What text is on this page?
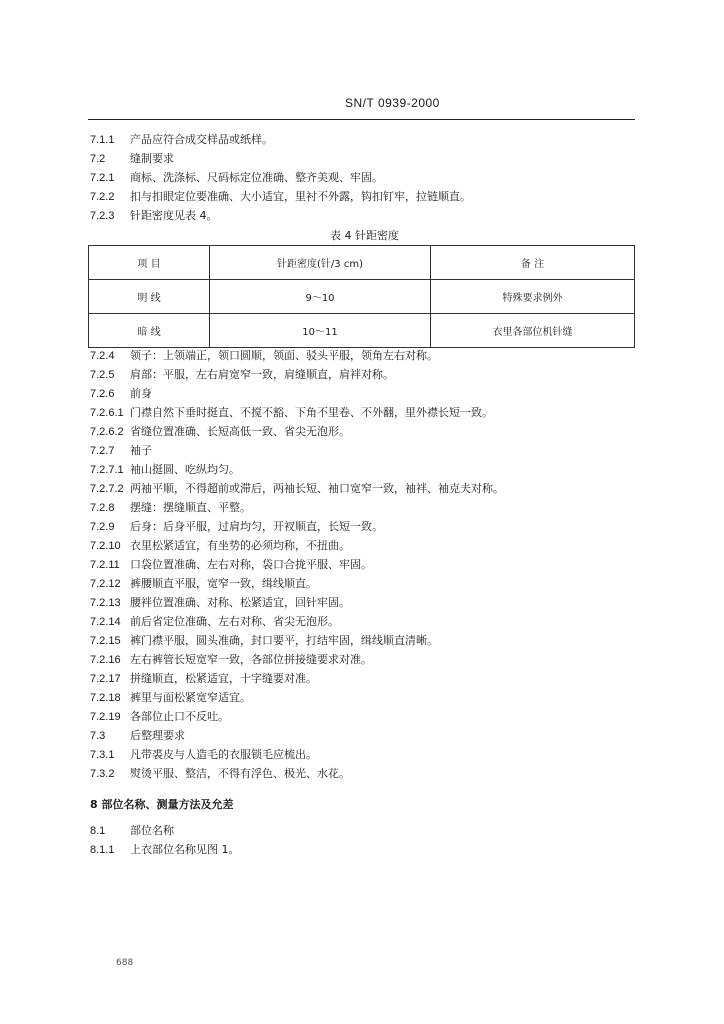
SN/T 0939-2000
7.1.1 产品应符合成交样品或纸样。
7.2 缝制要求
7.2.1 商标、洗涤标、尺码标定位准确、整齐美观、牢固。
7.2.2 扣与扣眼定位要准确、大小适宜，里衬不外露，钩扣钉牢，拉链顺直。
7.2.3 针距密度见表 4。
表 4 针距密度
项 目	针距密度(针/3 cm)	备 注
明 线	9～10	特殊要求例外
暗 线	10～11	衣里各部位机针缝
7.2.4 领子：上领端正，领口圆顺，领面、驳头平服，领角左右对称。
7.2.5 肩部：平服，左右肩宽窄一致，肩缝顺直，肩袢对称。
7.2.6 前身
7.2.6.1 门襟自然下垂时挺直、不搅不豁、下角不里卷、不外翻，里外襟长短一致。
7.2.6.2 省缝位置准确、长短高低一致、省尖无泡形。
7.2.7 袖子
7.2.7.1 袖山挺圆、吃纵均匀。
7.2.7.2 两袖平顺，不得超前或滞后，两袖长短、袖口宽窄一致，袖袢、袖克夫对称。
7.2.8 摆缝：摆缝顺直、平整。
7.2.9 后身：后身平服，过肩均匀，开衩顺直，长短一致。
7.2.10 衣里松紧适宜，有坐势的必须均称，不扭曲。
7.2.11 口袋位置准确、左右对称，袋口合拢平服、牢固。
7.2.12 裤腰顺直平服，宽窄一致，缉线顺直。
7.2.13 腰袢位置准确、对称、松紧适宜，回针牢固。
7.2.14 前后省定位准确、左右对称、省尖无泡形。
7.2.15 裤门襟平服，圆头准确，封口要平，打结牢固，缉线顺直清晰。
7.2.16 左右裤管长短宽窄一致，各部位拼接缝要求对准。
7.2.17 拼缝顺直，松紧适宜，十字缝要对准。
7.2.18 裤里与面松紧宽窄适宜。
7.2.19 各部位止口不反吐。
7.3 后整理要求
7.3.1 凡带裘皮与人造毛的衣服锁毛应梳出。
7.3.2 熨烫平服、整洁，不得有浮色、极光、水花。
8 部位名称、测量方法及允差
8.1 部位名称
8.1.1 上衣部位名称见图 1。
688
